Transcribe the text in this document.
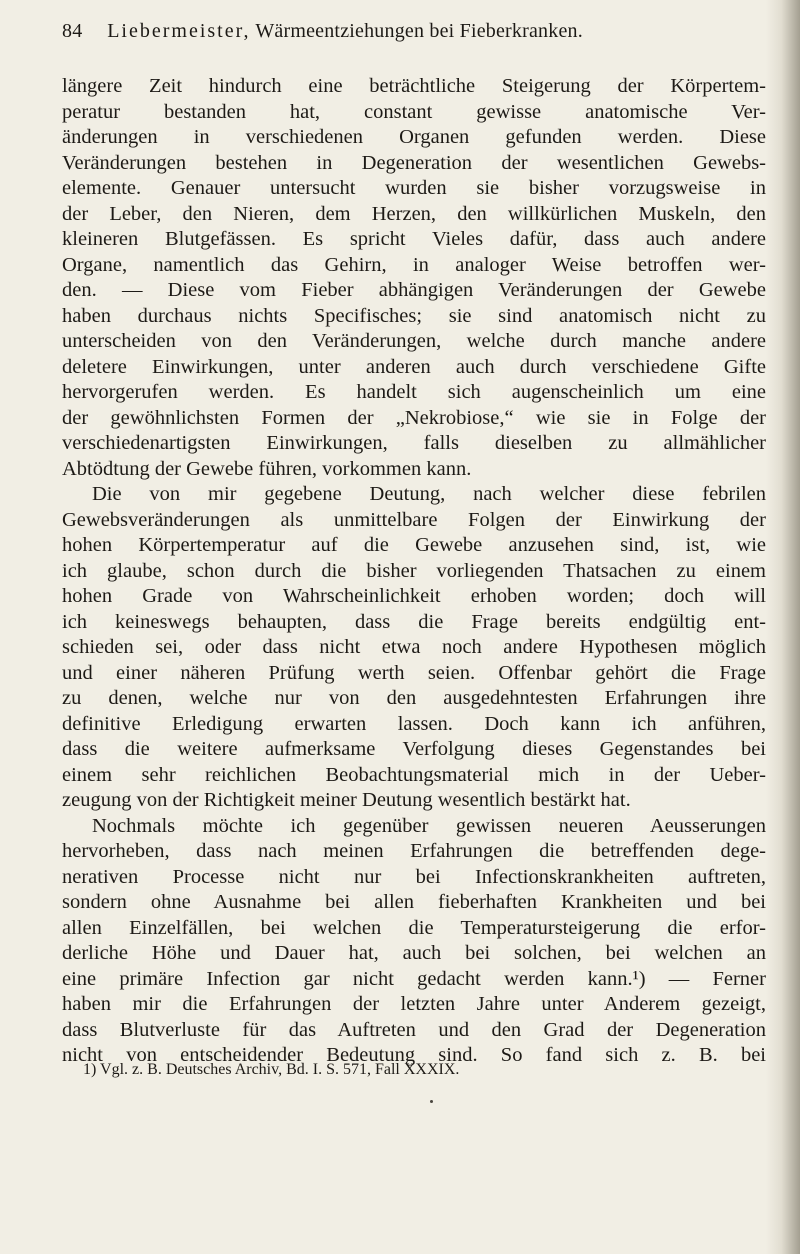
84 Liebermeister, Wärmeentziehungen bei Fieberkranken.
längere Zeit hindurch eine beträchtliche Steigerung der Körpertem-
peratur bestanden hat, constant gewisse anatomische Ver-
änderungen in verschiedenen Organen gefunden werden. Diese
Veränderungen bestehen in Degeneration der wesentlichen Gewebs-
elemente. Genauer untersucht wurden sie bisher vorzugsweise in
der Leber, den Nieren, dem Herzen, den willkürlichen Muskeln, den
kleineren Blutgefässen. Es spricht Vieles dafür, dass auch andere
Organe, namentlich das Gehirn, in analoger Weise betroffen wer-
den. — Diese vom Fieber abhängigen Veränderungen der Gewebe
haben durchaus nichts Specifisches; sie sind anatomisch nicht zu
unterscheiden von den Veränderungen, welche durch manche andere
deletere Einwirkungen, unter anderen auch durch verschiedene Gifte
hervorgerufen werden. Es handelt sich augenscheinlich um eine
der gewöhnlichsten Formen der „Nekrobiose,“ wie sie in Folge der
verschiedenartigsten Einwirkungen, falls dieselben zu allmählicher
Abtödtung der Gewebe führen, vorkommen kann.
Die von mir gegebene Deutung, nach welcher diese febrilen
Gewebsveränderungen als unmittelbare Folgen der Einwirkung der
hohen Körpertemperatur auf die Gewebe anzusehen sind, ist, wie
ich glaube, schon durch die bisher vorliegenden Thatsachen zu einem
hohen Grade von Wahrscheinlichkeit erhoben worden; doch will
ich keineswegs behaupten, dass die Frage bereits endgültig ent-
schieden sei, oder dass nicht etwa noch andere Hypothesen möglich
und einer näheren Prüfung werth seien. Offenbar gehört die Frage
zu denen, welche nur von den ausgedehntesten Erfahrungen ihre
definitive Erledigung erwarten lassen. Doch kann ich anführen,
dass die weitere aufmerksame Verfolgung dieses Gegenstandes bei
einem sehr reichlichen Beobachtungsmaterial mich in der Ueber-
zeugung von der Richtigkeit meiner Deutung wesentlich bestärkt hat.
Nochmals möchte ich gegenüber gewissen neueren Aeusserungen
hervorheben, dass nach meinen Erfahrungen die betreffenden dege-
nerativen Processe nicht nur bei Infectionskrankheiten auftreten,
sondern ohne Ausnahme bei allen fieberhaften Krankheiten und bei
allen Einzelfällen, bei welchen die Temperatursteigerung die erfor-
derliche Höhe und Dauer hat, auch bei solchen, bei welchen an
eine primäre Infection gar nicht gedacht werden kann.¹) — Ferner
haben mir die Erfahrungen der letzten Jahre unter Anderem gezeigt,
dass Blutverluste für das Auftreten und den Grad der Degeneration
nicht von entscheidender Bedeutung sind. So fand sich z. B. bei
1) Vgl. z. B. Deutsches Archiv, Bd. I. S. 571, Fall XXXIX.
